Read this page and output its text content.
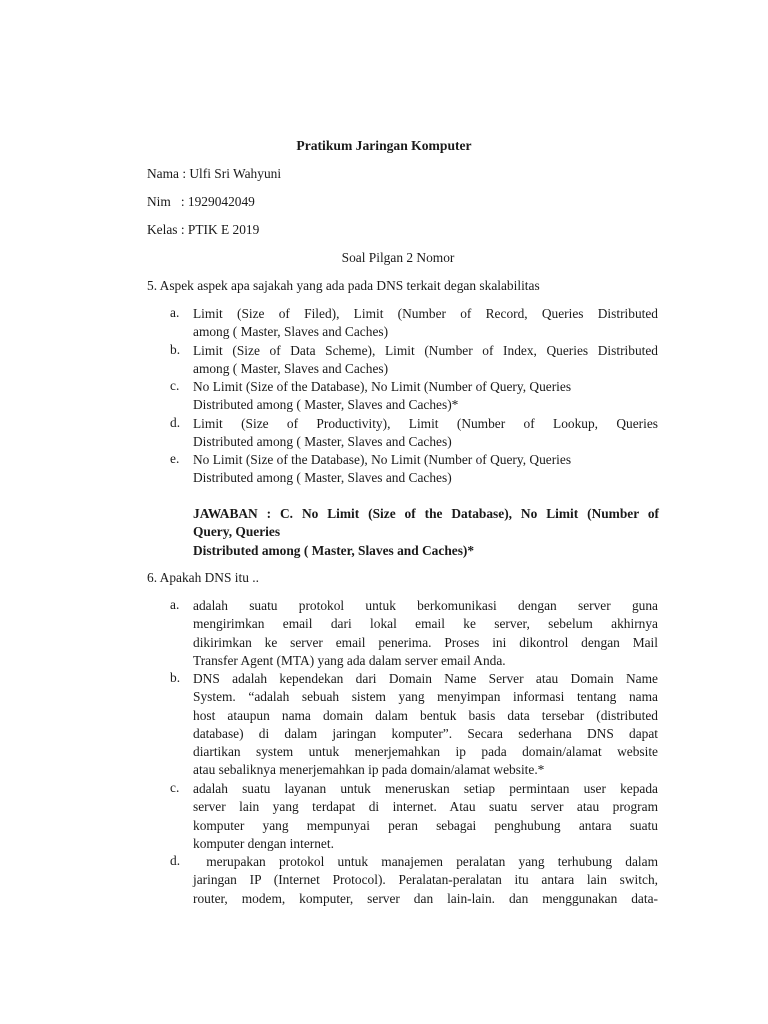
Pratikum Jaringan Komputer
Nama : Ulfi Sri Wahyuni
Nim   : 1929042049
Kelas : PTIK E 2019
Soal Pilgan 2 Nomor
5. Aspek aspek apa sajakah yang ada pada DNS terkait degan skalabilitas
a.	Limit (Size of Filed), Limit (Number of Record, Queries Distributed
among ( Master, Slaves and Caches)
b. Limit (Size of Data Scheme), Limit (Number of Index, Queries Distributed
among ( Master, Slaves and Caches)
c.	No Limit (Size of the Database), No Limit (Number of Query, Queries
Distributed among ( Master, Slaves and Caches)*
d. Limit (Size of Productivity), Limit (Number of Lookup, Queries
Distributed among ( Master, Slaves and Caches)
e.	No Limit (Size of the Database), No Limit (Number of Query, Queries
Distributed among ( Master, Slaves and Caches)
JAWABAN : C. No Limit (Size of the Database), No Limit (Number of
Query, Queries
Distributed among ( Master, Slaves and Caches)*
6. Apakah DNS itu ..
a.	adalah suatu protokol untuk berkomunikasi dengan server guna
mengirimkan email dari lokal email ke server, sebelum akhirnya
dikirimkan ke server email penerima. Proses ini dikontrol dengan Mail
Transfer Agent (MTA) yang ada dalam server email Anda.
b. DNS adalah kependekan dari Domain Name Server atau Domain Name
System. “adalah sebuah sistem yang menyimpan informasi tentang nama
host ataupun nama domain dalam bentuk basis data tersebar (distributed
database) di dalam jaringan komputer”. Secara sederhana DNS dapat
diartikan system untuk menerjemahkan ip pada domain/alamat website
atau sebaliknya menerjemahkan ip pada domain/alamat website.*
c.	adalah suatu layanan untuk meneruskan setiap permintaan user kepada
server lain yang terdapat di internet. Atau suatu server atau program
komputer yang mempunyai peran sebagai penghubung antara suatu
komputer dengan internet.
d. merupakan protokol untuk manajemen peralatan yang terhubung dalam
jaringan IP (Internet Protocol). Peralatan-peralatan itu antara lain switch,
router, modem, komputer, server dan lain-lain. dan menggunakan data-
